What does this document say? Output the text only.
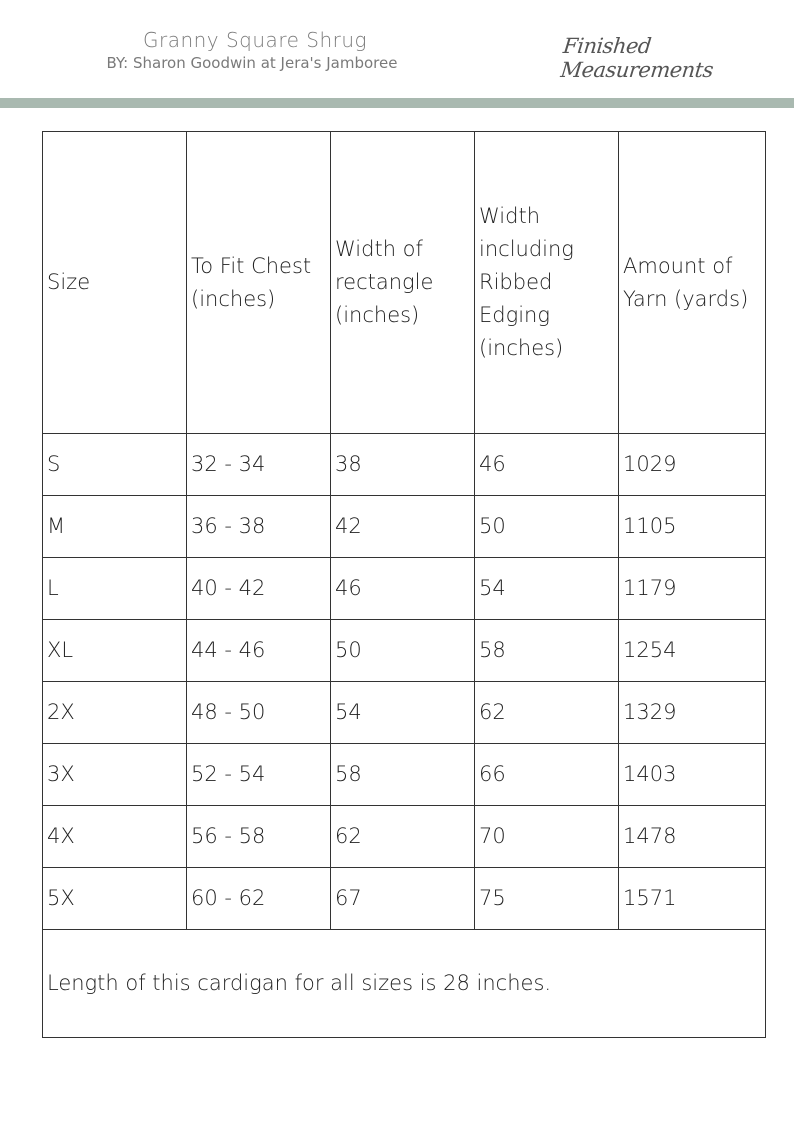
Granny Square Shrug
BY: Sharon Goodwin at Jera's Jamboree
Finished Measurements
Size	To Fit Chest (inches)	Width of rectangle (inches)	Width including Ribbed Edging (inches)	Amount of Yarn (yards)

S	32 - 34	38	46	1029
M	36 - 38	42	50	1105
L	40 - 42	46	54	1179
XL	44 - 46	50	58	1254
2X	48 - 50	54	62	1329
3X	52 - 54	58	66	1403
4X	56 - 58	62	70	1478
5X	60 - 62	67	75	1571
Length of this cardigan for all sizes is 28 inches.				
